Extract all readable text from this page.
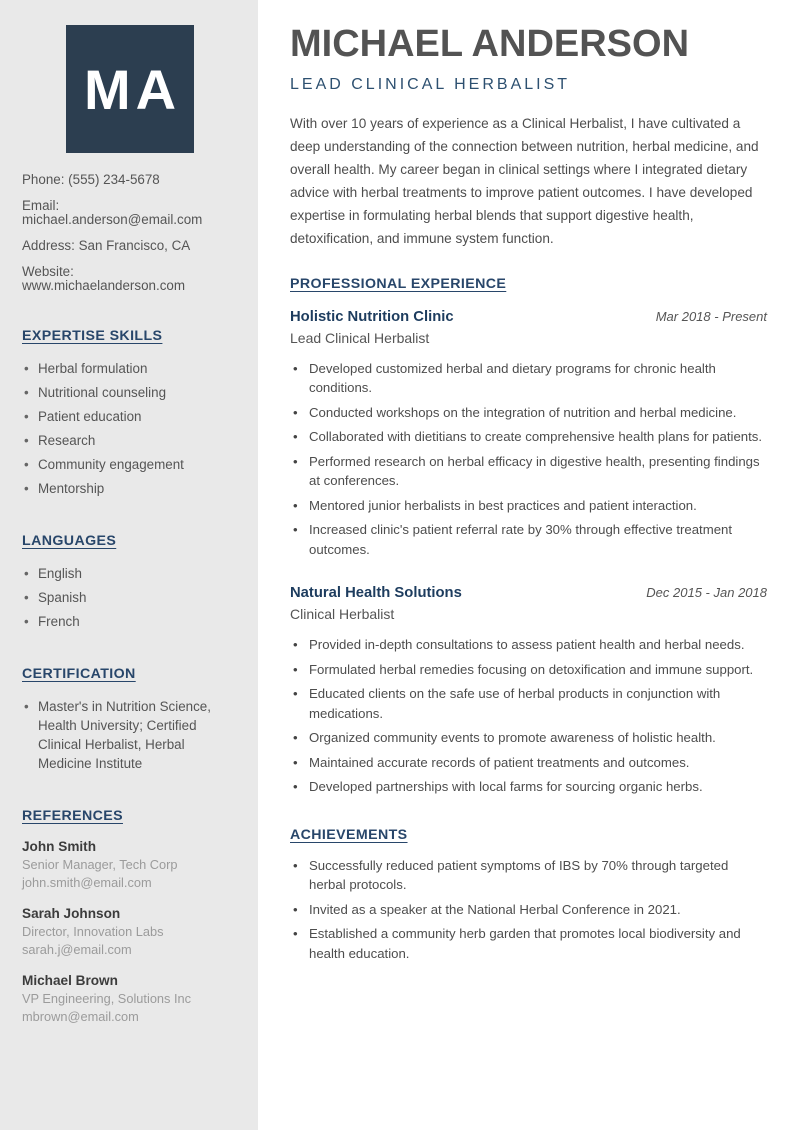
MA
Phone: (555) 234-5678
Email: michael.anderson@email.com
Address: San Francisco, CA
Website: www.michaelanderson.com
EXPERTISE SKILLS
• Herbal formulation
• Nutritional counseling
• Patient education
• Research
• Community engagement
• Mentorship
LANGUAGES
• English
• Spanish
• French
CERTIFICATION
• Master's in Nutrition Science, Health University; Certified Clinical Herbalist, Herbal Medicine Institute
REFERENCES
John Smith
Senior Manager, Tech Corp
john.smith@email.com
Sarah Johnson
Director, Innovation Labs
sarah.j@email.com
Michael Brown
VP Engineering, Solutions Inc
mbrown@email.com
MICHAEL ANDERSON
LEAD CLINICAL HERBALIST

With over 10 years of experience as a Clinical Herbalist, I have cultivated a deep understanding of the connection between nutrition, herbal medicine, and overall health. My career began in clinical settings where I integrated dietary advice with herbal treatments to improve patient outcomes. I have developed expertise in formulating herbal blends that support digestive health, detoxification, and immune system function.

PROFESSIONAL EXPERIENCE
Holistic Nutrition Clinic	Mar 2018 - Present
Lead Clinical Herbalist
• Developed customized herbal and dietary programs for chronic health conditions.
• Conducted workshops on the integration of nutrition and herbal medicine.
• Collaborated with dietitians to create comprehensive health plans for patients.
• Performed research on herbal efficacy in digestive health, presenting findings at conferences.
• Mentored junior herbalists in best practices and patient interaction.
• Increased clinic's patient referral rate by 30% through effective treatment outcomes.
Natural Health Solutions	Dec 2015 - Jan 2018
Clinical Herbalist
• Provided in-depth consultations to assess patient health and herbal needs.
• Formulated herbal remedies focusing on detoxification and immune support.
• Educated clients on the safe use of herbal products in conjunction with medications.
• Organized community events to promote awareness of holistic health.
• Maintained accurate records of patient treatments and outcomes.
• Developed partnerships with local farms for sourcing organic herbs.
ACHIEVEMENTS
• Successfully reduced patient symptoms of IBS by 70% through targeted herbal protocols.
• Invited as a speaker at the National Herbal Conference in 2021.
• Established a community herb garden that promotes local biodiversity and health education.
